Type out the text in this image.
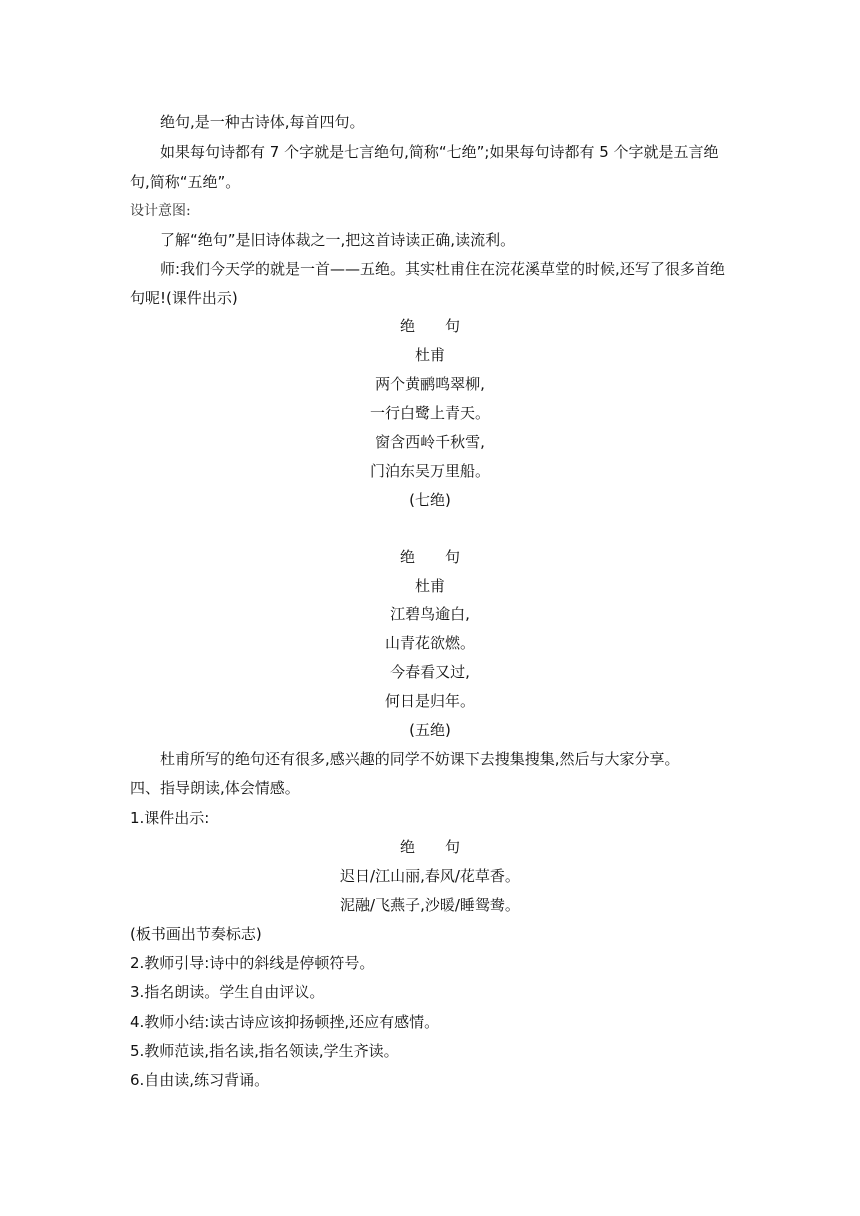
绝句,是一种古诗体,每首四句。
如果每句诗都有 7 个字就是七言绝句,简称“七绝”;如果每句诗都有 5 个字就是五言绝
句,简称“五绝”。
设计意图:
了解“绝句”是旧诗体裁之一,把这首诗读正确,读流利。
师:我们今天学的就是一首——五绝。其实杜甫住在浣花溪草堂的时候,还写了很多首绝
句呢!(课件出示)
绝 句
杜甫
两个黄鹂鸣翠柳,
一行白鹭上青天。
窗含西岭千秋雪,
门泊东吴万里船。
(七绝)
绝 句
杜甫
江碧鸟逾白,
山青花欲燃。
今春看又过,
何日是归年。
(五绝)
杜甫所写的绝句还有很多,感兴趣的同学不妨课下去搜集搜集,然后与大家分享。
四、指导朗读,体会情感。
1.课件出示:
绝 句
迟日/江山丽,春风/花草香。
泥融/飞燕子,沙暖/睡鸳鸯。
(板书画出节奏标志)
2.教师引导:诗中的斜线是停顿符号。
3.指名朗读。学生自由评议。
4.教师小结:读古诗应该抑扬顿挫,还应有感情。
5.教师范读,指名读,指名领读,学生齐读。
6.自由读,练习背诵。
